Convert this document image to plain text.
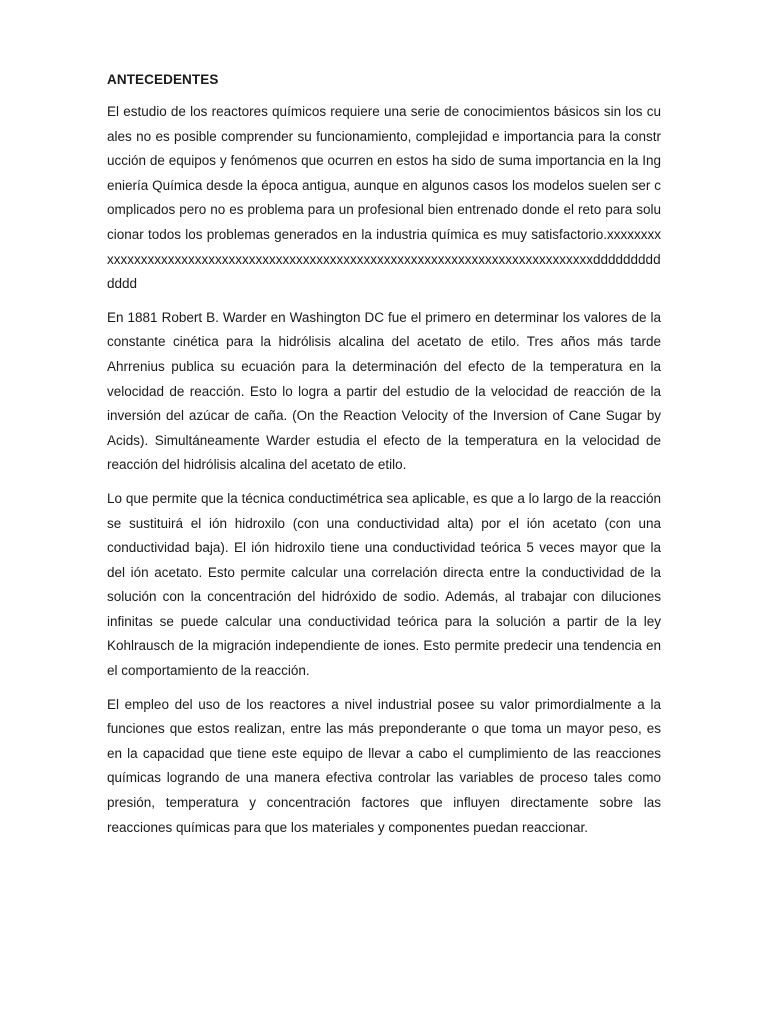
ANTECEDENTES

El estudio de los reactores químicos requiere una serie de conocimientos básicos sin los cuales no es posible comprender su funcionamiento, complejidad e importancia para la construcción de equipos y fenómenos que ocurren en estos ha sido de suma importancia en la Ingeniería Química desde la época antigua, aunque en algunos casos los modelos suelen ser complicados pero no es problema para un profesional bien entrenado donde el reto para solucionar todos los problemas generados en la industria química es muy satisfactorio.xxxxxxxxxxxxxxxxxxxxxxxxxxxxxxxxxxxxxxxxxxxxxxxxxxxxxxxxxxxxxxxxxxxxxxxxxxxxxxxxddddddddddddd

En 1881 Robert B. Warder en Washington DC fue el primero en determinar los valores de la constante cinética para la hidrólisis alcalina del acetato de etilo. Tres años más tarde Ahrrenius publica su ecuación para la determinación del efecto de la temperatura en la velocidad de reacción. Esto lo logra a partir del estudio de la velocidad de reacción de la inversión del azúcar de caña. (On the Reaction Velocity of the Inversion of Cane Sugar by Acids). Simultáneamente Warder estudia el efecto de la temperatura en la velocidad de reacción del hidrólisis alcalina del acetato de etilo.

Lo que permite que la técnica conductimétrica sea aplicable, es que a lo largo de la reacción se sustituirá el ión hidroxilo (con una conductividad alta) por el ión acetato (con una conductividad baja). El ión hidroxilo tiene una conductividad teórica 5 veces mayor que la del ión acetato. Esto permite calcular una correlación directa entre la conductividad de la solución con la concentración del hidróxido de sodio. Además, al trabajar con diluciones infinitas se puede calcular una conductividad teórica para la solución a partir de la ley Kohlrausch de la migración independiente de iones. Esto permite predecir una tendencia en el comportamiento de la reacción.

El empleo del uso de los reactores a nivel industrial posee su valor primordialmente a la funciones que estos realizan, entre las más preponderante o que toma un mayor peso, es en la capacidad que tiene este equipo de llevar a cabo el cumplimiento de las reacciones químicas logrando de una manera efectiva controlar las variables de proceso tales como presión, temperatura y concentración factores que influyen directamente sobre las reacciones químicas para que los materiales y componentes puedan reaccionar.
